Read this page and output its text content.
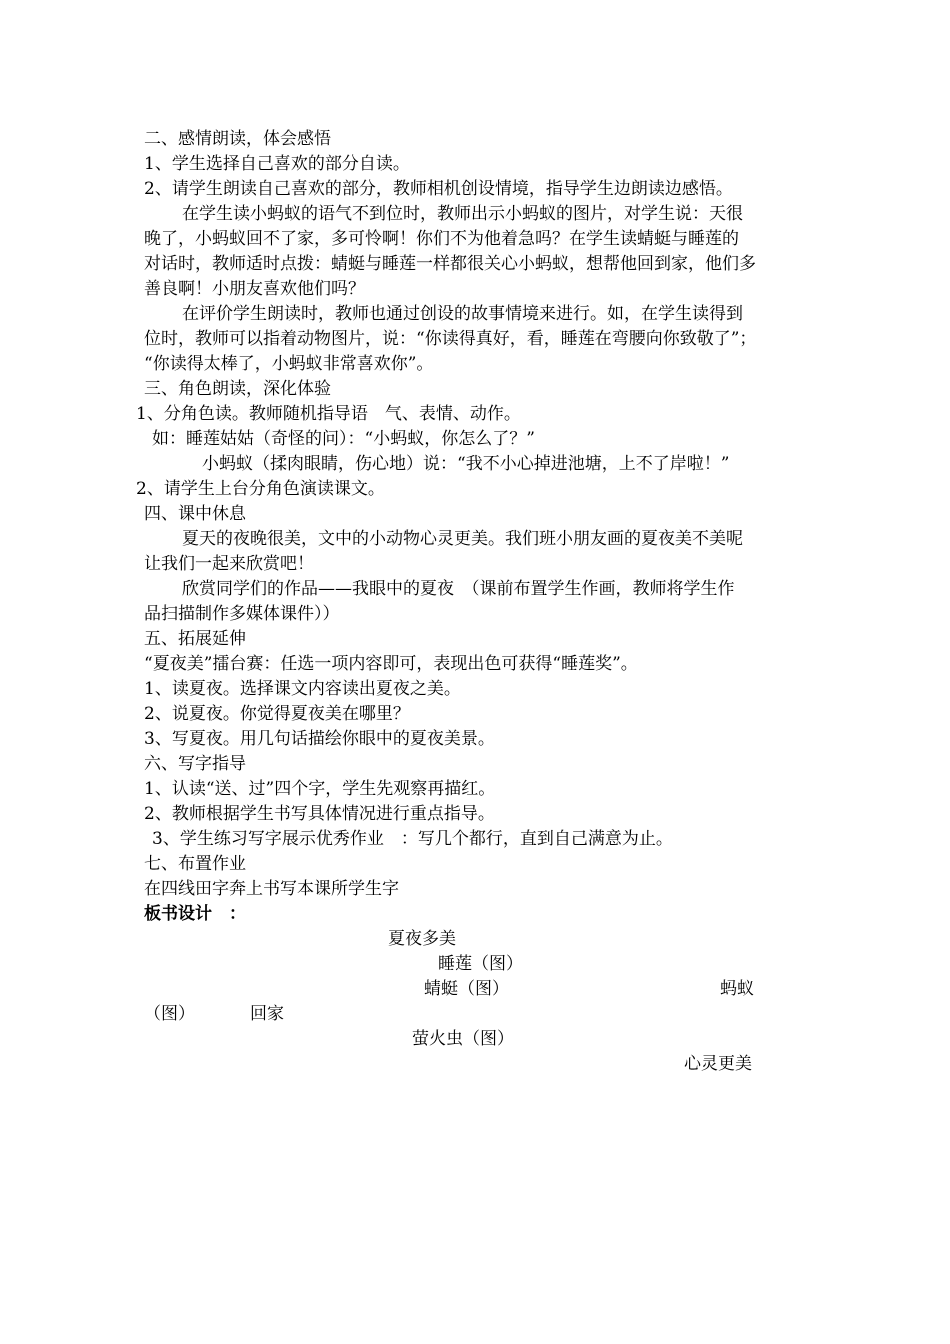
二、感情朗读，体会感悟
1、学生选择自己喜欢的部分自读。
2、请学生朗读自己喜欢的部分，教师相机创设情境，指导学生边朗读边感悟。
在学生读小蚂蚁的语气不到位时，教师出示小蚂蚁的图片，对学生说：天很
晚了，小蚂蚁回不了家，多可怜啊！你们不为他着急吗？在学生读蜻蜓与睡莲的
对话时，教师适时点拨：蜻蜓与睡莲一样都很关心小蚂蚁，想帮他回到家，他们多
善良啊！小朋友喜欢他们吗？
在评价学生朗读时，教师也通过创设的故事情境来进行。如，在学生读得到
位时，教师可以指着动物图片，说：“你读得真好，看，睡莲在弯腰向你致敬了”；
“你读得太棒了，小蚂蚁非常喜欢你”。
三、角色朗读，深化体验
1、分角色读。教师随机指导语　气、表情、动作。
如：睡莲姑姑（奇怪的问）：“小蚂蚁，你怎么了？”
小蚂蚁（揉肉眼睛，伤心地）说：“我不小心掉进池塘，上不了岸啦！”
2、请学生上台分角色演读课文。
四、课中休息
夏天的夜晚很美，文中的小动物心灵更美。我们班小朋友画的夏夜美不美呢
让我们一起来欣赏吧！
欣赏同学们的作品——我眼中的夏夜　（课前布置学生作画，教师将学生作
品扫描制作多媒体课件））
五、拓展延伸
“夏夜美”擂台赛：任选一项内容即可，表现出色可获得“睡莲奖”。
1、读夏夜。选择课文内容读出夏夜之美。
2、说夏夜。你觉得夏夜美在哪里？
3、写夏夜。用几句话描绘你眼中的夏夜美景。
六、写字指导
1、认读“送、过”四个字，学生先观察再描红。
2、教师根据学生书写具体情况进行重点指导。
3、学生练习写字展示优秀作业　：写几个都行，直到自己满意为止。
七、布置作业
在四线田字奔上书写本课所学生字
板书设计　：
夏夜多美
睡莲（图）
蜻蜓（图）	蚂蚁
（图）	回家
萤火虫（图）
心灵更美
